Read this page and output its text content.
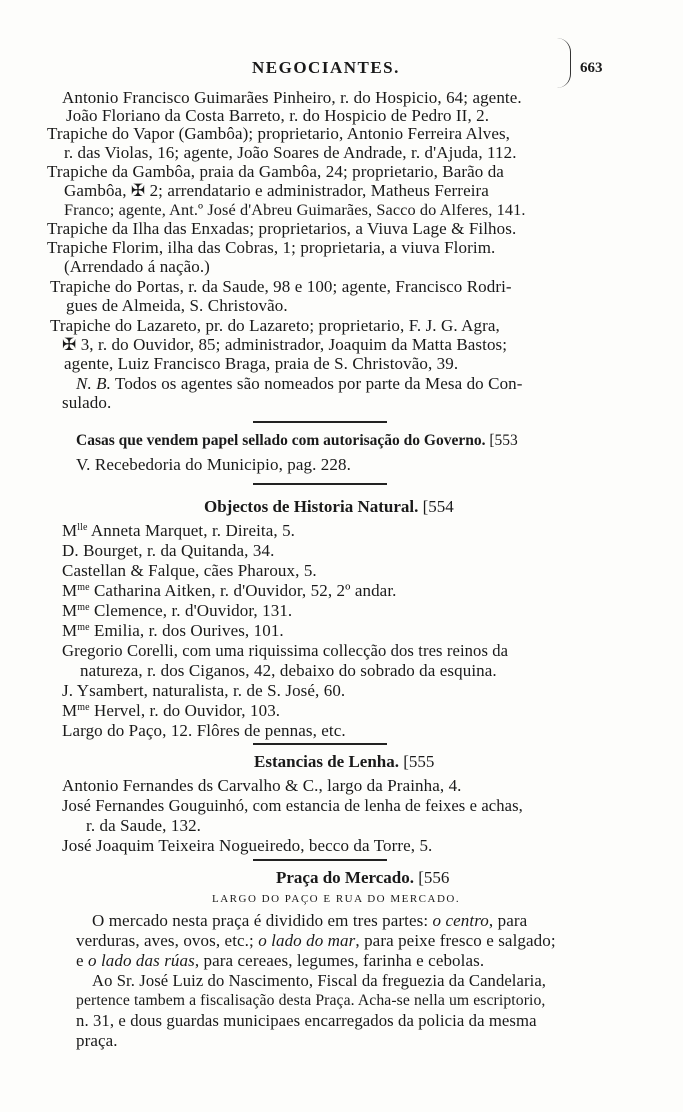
NEGOCIANTES.	663
Antonio Francisco Guimarães Pinheiro, r. do Hospicio, 64; agente.
João Floriano da Costa Barreto, r. do Hospicio de Pedro II, 2.
Trapiche do Vapor (Gambôa); proprietario, Antonio Ferreira Alves,
r. das Violas, 16; agente, João Soares de Andrade, r. d'Ajuda, 112.
Trapiche da Gambôa, praia da Gambôa, 24; proprietario, Barão da
Gambôa, ✠ 2; arrendatario e administrador, Matheus Ferreira
Franco; agente, Ant.º José d'Abreu Guimarães, Sacco do Alferes, 141.
Trapiche da Ilha das Enxadas; proprietarios, a Viuva Lage & Filhos.
Trapiche Florim, ilha das Cobras, 1; proprietaria, a viuva Florim.
(Arrendado á nação.)
Trapiche do Portas, r. da Saude, 98 e 100; agente, Francisco Rodri-
gues de Almeida, S. Christovão.
Trapiche do Lazareto, pr. do Lazareto; proprietario, F. J. G. Agra,
✠ 3, r. do Ouvidor, 85; administrador, Joaquim da Matta Bastos;
agente, Luiz Francisco Braga, praia de S. Christovão, 39.
N. B. Todos os agentes são nomeados por parte da Mesa do Con-
sulado.
Casas que vendem papel sellado com autorisação do Governo. [553
V. Recebedoria do Municipio, pag. 228.
Objectos de Historia Natural. [554
$M^{lle}$ Anneta Marquet, r. Direita, 5.
D. Bourget, r. da Quitanda, 34.
Castellan & Falque, cães Pharoux, 5.
$M^{me}$ Catharina Aitken, r. d'Ouvidor, 52, 2º andar.
$M^{me}$ Clemence, r. d'Ouvidor, 131.
$M^{me}$ Emilia, r. dos Ourives, 101.
Gregorio Corelli, com uma riquissima collecção dos tres reinos da
natureza, r. dos Ciganos, 42, debaixo do sobrado da esquina.
J. Ysambert, naturalista, r. de S. José, 60.
$M^{me}$ Hervel, r. do Ouvidor, 103.
Largo do Paço, 12. Flôres de pennas, etc.
Estancias de Lenha. [555
Antonio Fernandes ds Carvalho & C., largo da Prainha, 4.
José Fernandes Gouguinhó, com estancia de lenha de feixes e achas,
r. da Saude, 132.
José Joaquim Teixeira Nogueiredo, becco da Torre, 5.
Praça do Mercado. [556
LARGO DO PAÇO E RUA DO MERCADO.
O mercado nesta praça é dividido em tres partes: o centro, para
verduras, aves, ovos, etc.; o lado do mar, para peixe fresco e salgado;
e o lado das rúas, para cereaes, legumes, farinha e cebolas.
Ao Sr. José Luiz do Nascimento, Fiscal da freguezia da Candelaria,
pertence tambem a fiscalisação desta Praça. Acha-se nella um escriptorio,
n. 31, e dous guardas municipaes encarregados da policia da mesma
praça.
